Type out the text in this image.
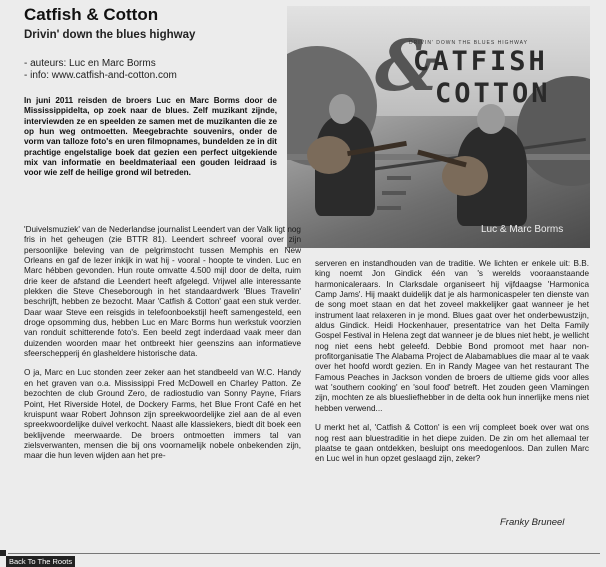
Catfish & Cotton
Drivin' down the blues highway
- auteurs: Luc en Marc Borms
- info: www.catfish-and-cotton.com	&
DRIVIN' DOWN THE BLUES HIGHWAY
CATFISH
COTTON
Luc & Marc Borms
In juni 2011 reisden de broers Luc en Marc Borms door de Mississippidelta, op zoek naar de blues. Zelf muzikant zijnde, interviewden ze en speelden ze samen met de muzikanten die ze op hun weg ontmoetten. Meegebrachte souvenirs, onder de vorm van talloze foto's en uren filmopnames, bundelden ze in dit prachtige engelstalige boek dat gezien een perfect uitgekiende mix van informatie en beeldmateriaal een gouden leidraad is voor wie zelf de heilige grond wil betreden.

'Duivelsmuziek' van de Nederlandse journalist Leendert van der Valk ligt nog fris in het geheugen (zie BTTR 81). Leendert schreef vooral over zijn persoonlijke beleving van de pelgrimstocht tussen Memphis en New Orleans en gaf de lezer inkijk in wat hij - vooral - hoopte te vinden. Luc en Marc hébben gevonden. Hun route omvatte 4.500 mijl door de delta, ruim drie keer de afstand die Leendert heeft afgelegd. Vrijwel alle interessante plekken die Steve Cheseborough in het standaardwerk 'Blues Travelin' beschrijft, hebben ze bezocht. Maar 'Catfish & Cotton' gaat een stuk verder. Daar waar Steve een reisgids in telefoonboekstijl heeft samengesteld, een droge opsomming dus, hebben Luc en Marc Borms hun werkstuk voorzien van ronduit schitterende foto's. Een beeld zegt inderdaad vaak meer dan duizenden woorden maar het ontbreekt hier geenszins aan informatieve sfeerschepperij én glasheldere historische data.

O ja, Marc en Luc stonden zeer zeker aan het standbeeld van W.C. Handy en het graven van o.a. Mississippi Fred McDowell en Charley Patton. Ze bezochten de club Ground Zero, de radiostudio van Sonny Payne, Friars Point, Het Riverside Hotel, de Dockery Farms, het Blue Front Café en het kruispunt waar Robert Johnson zijn spreekwoordelijke ziel aan de al even spreekwoordelijke duivel verkocht. Naast alle klassiekers, biedt dit boek een beklijvende meerwaarde. De broers ontmoetten immers tal van zielsverwanten, mensen die bij ons voornamelijk nobele onbekenden zijn, maar die hun leven wijden aan het pre-

serveren en instandhouden van de traditie. We lichten er enkele uit: B.B. king noemt Jon Gindick één van 's werelds vooraanstaande harmonicaleraars. In Clarksdale organiseert hij vijfdaagse 'Harmonica Camp Jams'. Hij maakt duidelijk dat je als harmonicaspeler ten dienste van de song moet staan en dat het zoveel makkelijker gaat wanneer je het instrument laat relaxeren in je mond. Blues gaat over het onderbewustzijn, aldus Gindick. Heidi Hockenhauer, presentatrice van het Delta Family Gospel Festival in Helena zegt dat wanneer je de blues niet hebt, je wellicht nog niet eens hebt geleefd. Debbie Bond promoot met haar non-profitorganisatie The Alabama Project de Alabamablues die maar al te vaak over het hoofd wordt gezien. En in Randy Magee van het restaurant The Famous Peaches in Jackson vonden de broers de ultieme gids voor alles wat 'southern cooking' en 'soul food' betreft. Het zouden geen Vlamingen zijn, mochten ze als bluesliefhebber in de delta ook hun innerlijke mens niet hebben verwend...

U merkt het al, 'Catfish & Cotton' is een vrij compleet boek over wat ons nog rest aan bluestraditie in het diepe zuiden. De zin om het allemaal ter plaatse te gaan ontdekken, besluipt ons meedogenloos. Dan zullen Marc en Luc wel in hun opzet geslaagd zijn, zeker?

Franky Bruneel
Back To The Roots
